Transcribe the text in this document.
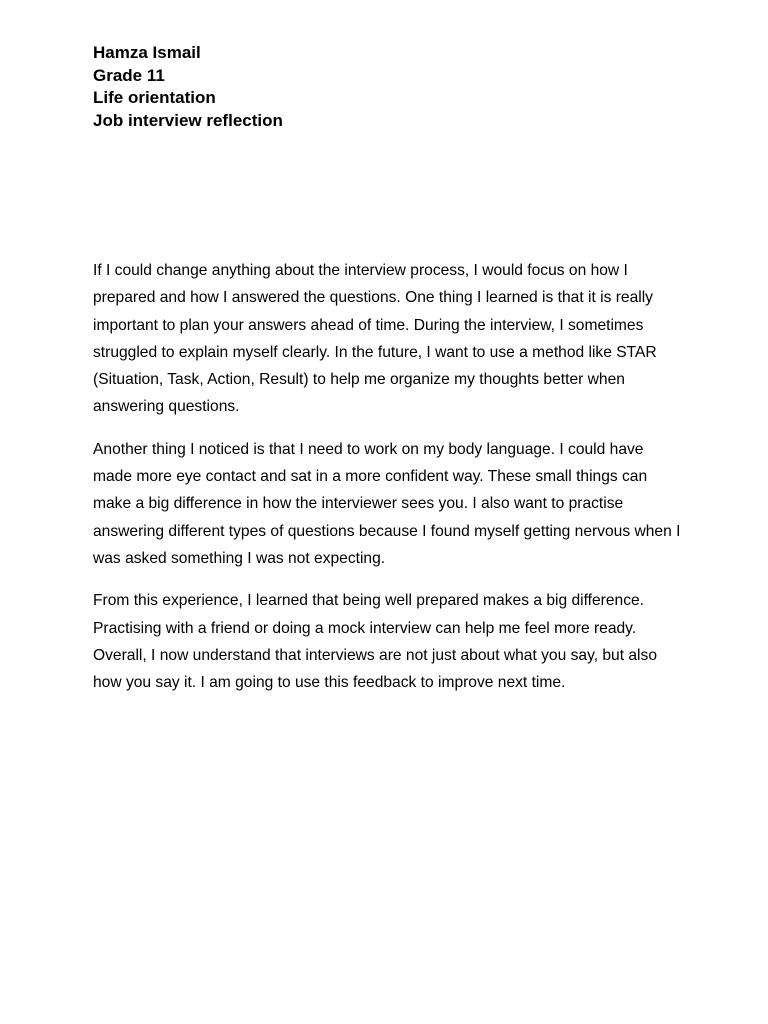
Hamza Ismail

Grade 11

Life orientation

Job interview reflection

If I could change anything about the interview process, I would focus on how I prepared and how I answered the questions. One thing I learned is that it is really important to plan your answers ahead of time. During the interview, I sometimes struggled to explain myself clearly. In the future, I want to use a method like STAR (Situation, Task, Action, Result) to help me organize my thoughts better when answering questions.

Another thing I noticed is that I need to work on my body language. I could have made more eye contact and sat in a more confident way. These small things can make a big difference in how the interviewer sees you. I also want to practise answering different types of questions because I found myself getting nervous when I was asked something I was not expecting.

From this experience, I learned that being well prepared makes a big difference. Practising with a friend or doing a mock interview can help me feel more ready. Overall, I now understand that interviews are not just about what you say, but also how you say it. I am going to use this feedback to improve next time.
